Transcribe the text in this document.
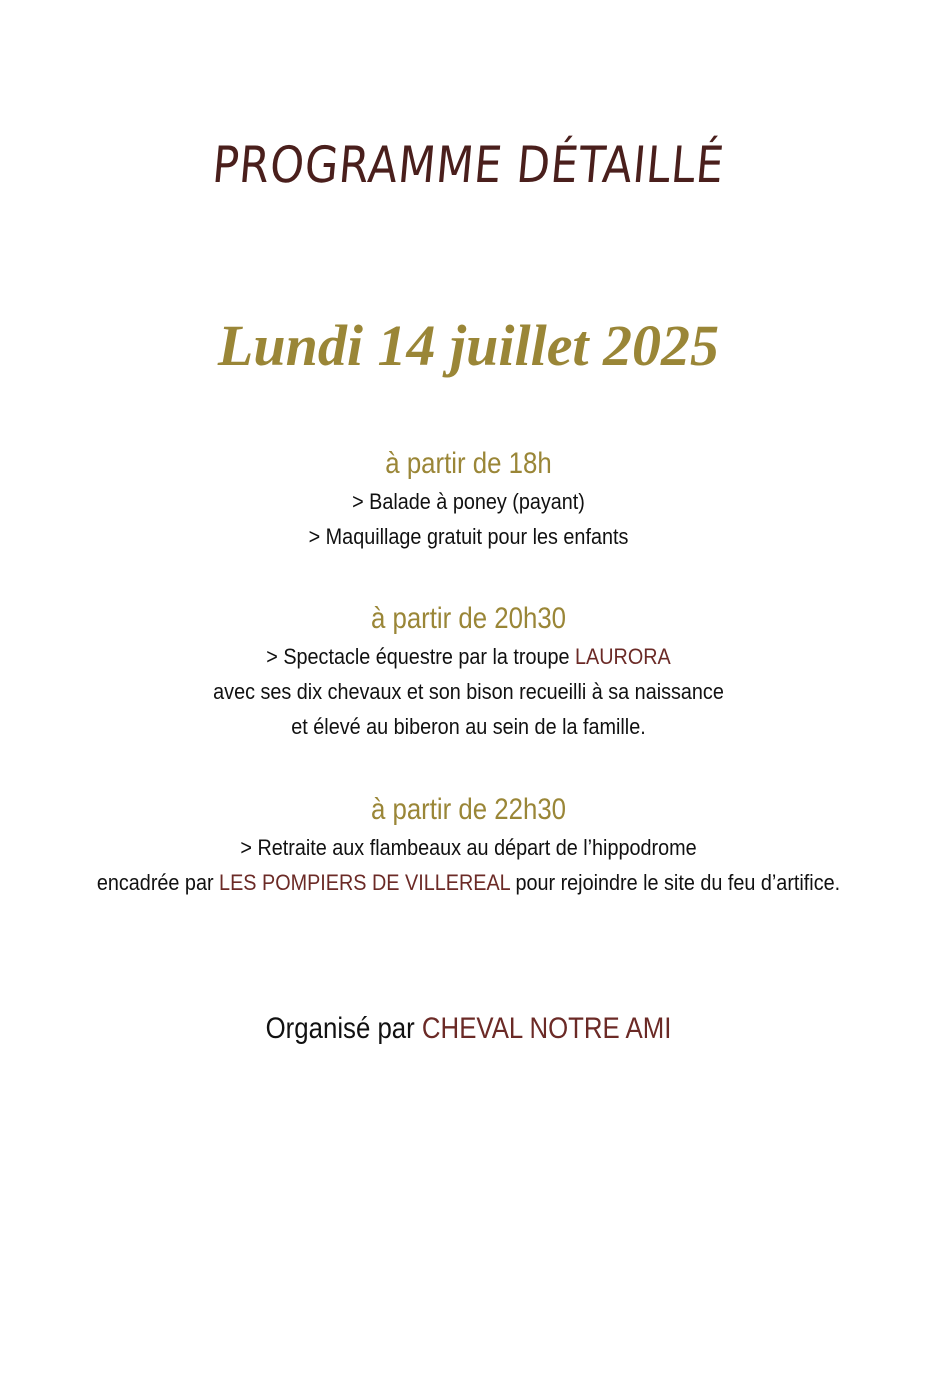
PROGRAMME DÉTAILLÉ
Lundi 14 juillet 2025

à partir de 18h

> Balade à poney (payant)

> Maquillage gratuit pour les enfants

à partir de 20h30

> Spectacle équestre par la troupe LAURORA

avec ses dix chevaux et son bison recueilli à sa naissance

et élevé au biberon au sein de la famille.

à partir de 22h30

> Retraite aux flambeaux au départ de l’hippodrome

encadrée par LES POMPIERS DE VILLEREAL pour rejoindre le site du feu d’artifice.

Organisé par CHEVAL NOTRE AMI
